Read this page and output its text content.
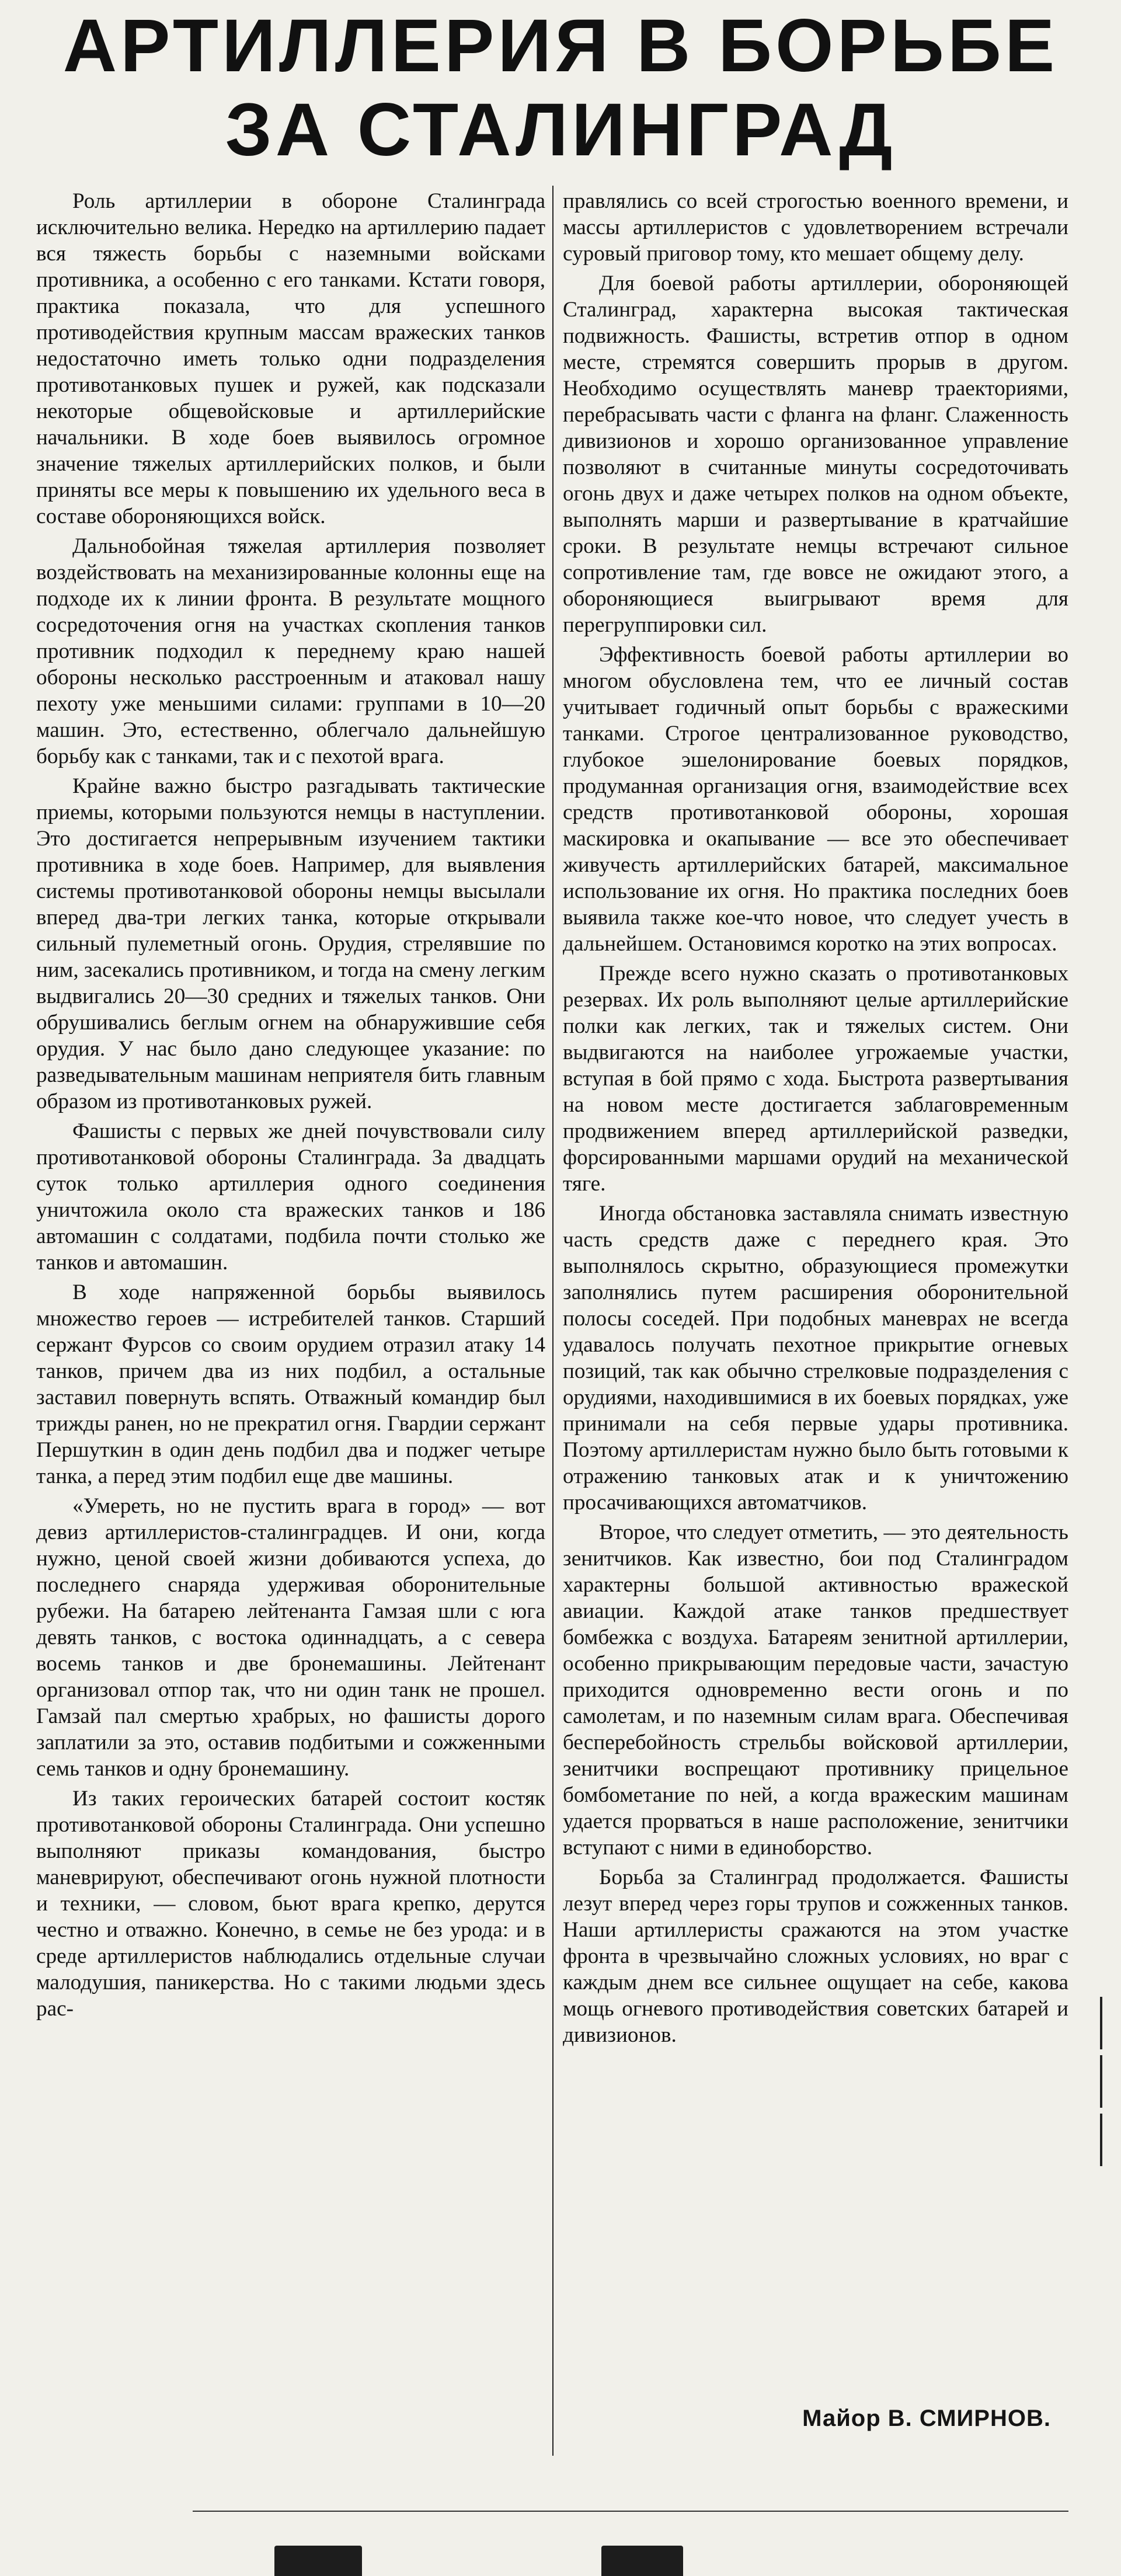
АРТИЛЛЕРИЯ В БОРЬБЕ
ЗА СТАЛИНГРАД

Роль артиллерии в обороне Сталинграда исключительно велика. Нередко на артиллерию падает вся тяжесть борьбы с наземными войсками противника, а особенно с его танками. Кстати говоря, практика показала, что для успешного противодействия крупным массам вражеских танков недостаточно иметь только одни подразделения противотанковых пушек и ружей, как подсказали некоторые общевойсковые и артиллерийские начальники. В ходе боев выявилось огромное значение тяжелых артиллерийских полков, и были приняты все меры к повышению их удельного веса в составе обороняющихся войск.

Дальнобойная тяжелая артиллерия позволяет воздействовать на механизированные колонны еще на подходе их к линии фронта. В результате мощного сосредоточения огня на участках скопления танков противник подходил к переднему краю нашей обороны несколько расстроенным и атаковал нашу пехоту уже меньшими силами: группами в 10—20 машин. Это, естественно, облегчало дальнейшую борьбу как с танками, так и с пехотой врага.

Крайне важно быстро разгадывать тактические приемы, которыми пользуются немцы в наступлении. Это достигается непрерывным изучением тактики противника в ходе боев. Например, для выявления системы противотанковой обороны немцы высылали вперед два-три легких танка, которые открывали сильный пулеметный огонь. Орудия, стрелявшие по ним, засекались противником, и тогда на смену легким выдвигались 20—30 средних и тяжелых танков. Они обрушивались беглым огнем на обнаружившие себя орудия. У нас было дано следующее указание: по разведывательным машинам неприятеля бить главным образом из противотанковых ружей.

Фашисты с первых же дней почувствовали силу противотанковой обороны Сталинграда. За двадцать суток только артиллерия одного соединения уничтожила около ста вражеских танков и 186 автомашин с солдатами, подбила почти столько же танков и автомашин.

В ходе напряженной борьбы выявилось множество героев — истребителей танков. Старший сержант Фурсов со своим орудием отразил атаку 14 танков, причем два из них подбил, а остальные заставил повернуть вспять. Отважный командир был трижды ранен, но не прекратил огня. Гвардии сержант Першуткин в один день подбил два и поджег четыре танка, а перед этим подбил еще две машины.

«Умереть, но не пустить врага в город» — вот девиз артиллеристов-сталинградцев. И они, когда нужно, ценой своей жизни добиваются успеха, до последнего снаряда удерживая оборонительные рубежи. На батарею лейтенанта Гамзая шли с юга девять танков, с востока одиннадцать, а с севера восемь танков и две бронемашины. Лейтенант организовал отпор так, что ни один танк не прошел. Гамзай пал смертью храбрых, но фашисты дорого заплатили за это, оставив подбитыми и сожженными семь танков и одну бронемашину.

Из таких героических батарей состоит костяк противотанковой обороны Сталинграда. Они успешно выполняют приказы командования, быстро маневрируют, обеспечивают огонь нужной плотности и техники, — словом, бьют врага крепко, дерутся честно и отважно. Конечно, в семье не без урода: и в среде артиллеристов наблюдались отдельные случаи малодушия, паникерства. Но с такими людьми здесь рас-

правлялись со всей строгостью военного времени, и массы артиллеристов с удовлетворением встречали суровый приговор тому, кто мешает общему делу.

Для боевой работы артиллерии, обороняющей Сталинград, характерна высокая тактическая подвижность. Фашисты, встретив отпор в одном месте, стремятся совершить прорыв в другом. Необходимо осуществлять маневр траекториями, перебрасывать части с фланга на фланг. Слаженность дивизионов и хорошо организованное управление позволяют в считанные минуты сосредоточивать огонь двух и даже четырех полков на одном объекте, выполнять марши и развертывание в кратчайшие сроки. В результате немцы встречают сильное сопротивление там, где вовсе не ожидают этого, а обороняющиеся выигрывают время для перегруппировки сил.

Эффективность боевой работы артиллерии во многом обусловлена тем, что ее личный состав учитывает годичный опыт борьбы с вражескими танками. Строгое централизованное руководство, глубокое эшелонирование боевых порядков, продуманная организация огня, взаимодействие всех средств противотанковой обороны, хорошая маскировка и окапывание — все это обеспечивает живучесть артиллерийских батарей, максимальное использование их огня. Но практика последних боев выявила также кое-что новое, что следует учесть в дальнейшем. Остановимся коротко на этих вопросах.

Прежде всего нужно сказать о противотанковых резервах. Их роль выполняют целые артиллерийские полки как легких, так и тяжелых систем. Они выдвигаются на наиболее угрожаемые участки, вступая в бой прямо с хода. Быстрота развертывания на новом месте достигается заблаговременным продвижением вперед артиллерийской разведки, форсированными маршами орудий на механической тяге.

Иногда обстановка заставляла снимать известную часть средств даже с переднего края. Это выполнялось скрытно, образующиеся промежутки заполнялись путем расширения оборонительной полосы соседей. При подобных маневрах не всегда удавалось получать пехотное прикрытие огневых позиций, так как обычно стрелковые подразделения с орудиями, находившимися в их боевых порядках, уже принимали на себя первые удары противника. Поэтому артиллеристам нужно было быть готовыми к отражению танковых атак и к уничтожению просачивающихся автоматчиков.

Второе, что следует отметить, — это деятельность зенитчиков. Как известно, бои под Сталинградом характерны большой активностью вражеской авиации. Каждой атаке танков предшествует бомбежка с воздуха. Батареям зенитной артиллерии, особенно прикрывающим передовые части, зачастую приходится одновременно вести огонь и по самолетам, и по наземным силам врага. Обеспечивая бесперебойность стрельбы войсковой артиллерии, зенитчики воспрещают противнику прицельное бомбометание по ней, а когда вражеским машинам удается прорваться в наше расположение, зенитчики вступают с ними в единоборство.

Борьба за Сталинград продолжается. Фашисты лезут вперед через горы трупов и сожженных танков. Наши артиллеристы сражаются на этом участке фронта в чрезвычайно сложных условиях, но враг с каждым днем все сильнее ощущает на себе, какова мощь огневого противодействия советских батарей и дивизионов.

Майор В. СМИРНОВ.
